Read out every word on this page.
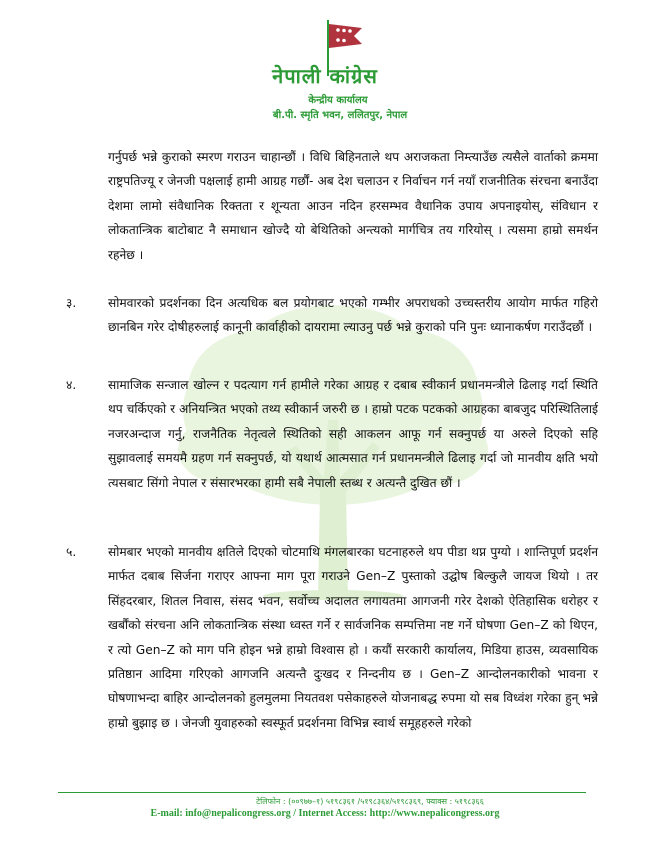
नेपाली कांग्रेस
केन्द्रीय कार्यालय
बी.पी. स्मृति भवन, ललितपुर, नेपाल
गर्नुपर्छ भन्ने कुराको स्मरण गराउन चाहान्छौं । विधि बिहिनताले थप अराजकता निम्त्याउँछ त्यसैले वार्ताको क्रममा राष्ट्रपतिज्यू र जेनजी पक्षलाई हामी आग्रह गर्छौं- अब देश चलाउन र निर्वाचन गर्न नयाँ राजनीतिक संरचना बनाउँदा देशमा लामो संवैधानिक रिक्तता र शून्यता आउन नदिन हरसम्भव वैधानिक उपाय अपनाइयोस्, संविधान र लोकतान्त्रिक बाटोबाट नै समाधान खोज्दै यो बेथितिको अन्त्यको मार्गचित्र तय गरियोस् । त्यसमा हाम्रो समर्थन रहनेछ ।
३.	सोमवारको प्रदर्शनका दिन अत्यधिक बल प्रयोगबाट भएको गम्भीर अपराधको उच्चस्तरीय आयोग मार्फत गहिरो छानबिन गरेर दोषीहरुलाई कानूनी कार्वाहीको दायरामा ल्याउनु पर्छ भन्ने कुराको पनि पुनः ध्यानाकर्षण गराउँदछौं ।
४.	सामाजिक सन्जाल खोल्न र पदत्याग गर्न हामीले गरेका आग्रह र दबाब स्वीकार्न प्रधानमन्त्रीले ढिलाइ गर्दा स्थिति थप चर्किएको र अनियन्त्रित भएको तथ्य स्वीकार्न जरुरी छ । हाम्रो पटक पटकको आग्रहका बाबजुद परिस्थितिलाई नजरअन्दाज गर्नु, राजनैतिक नेतृत्वले स्थितिको सही आकलन आफू गर्न सक्नुपर्छ या अरुले दिएको सहि सुझावलाई समयमै ग्रहण गर्न सक्नुपर्छ, यो यथार्थ आत्मसात गर्न प्रधानमन्त्रीले ढिलाइ गर्दा जो मानवीय क्षति भयो त्यसबाट सिंगो नेपाल र संसारभरका हामी सबै नेपाली स्तब्ध र अत्यन्तै दुखित छौं ।
५.	सोमबार भएको मानवीय क्षतिले दिएको चोटमाथि मंगलबारका घटनाहरुले थप पीडा थप्न पुग्यो । शान्तिपूर्ण प्रदर्शन मार्फत दबाब सिर्जना गराएर आफ्ना माग पूरा गराउने Gen–Z पुस्ताको उद्घोष बिल्कुलै जायज थियो । तर सिंहदरबार, शितल निवास, संसद भवन, सर्वोच्च अदालत लगायतमा आगजनी गरेर देशको ऐतिहासिक धरोहर र खर्बौंको संरचना अनि लोकतान्त्रिक संस्था ध्वस्त गर्ने र सार्वजनिक सम्पत्तिमा नष्ट गर्ने घोषणा Gen–Z को थिएन, र त्यो Gen–Z को माग पनि होइन भन्ने हाम्रो विश्वास हो । कयौं सरकारी कार्यालय, मिडिया हाउस, व्यवसायिक प्रतिष्ठान आदिमा गरिएको आगजनि अत्यन्तै दुःखद र निन्दनीय छ । Gen–Z आन्दोलनकारीको भावना र घोषणाभन्दा बाहिर आन्दोलनको हुलमुलमा नियतवश पसेकाहरुले योजनाबद्ध रुपमा यो सब विध्वंश गरेका हुन् भन्ने हाम्रो बुझाइ छ । जेनजी युवाहरुको स्वस्फूर्त प्रदर्शनमा विभिन्न स्वार्थ समूहहरुले गरेको
टेलिफोन : (००९७७–१) ५१९८३६१ /५१९८३६४/५१९८३६९, फ्याक्स : ५१९८३६६
E-mail: info@nepalicongress.org / Internet Access: http://www.nepalicongress.org
